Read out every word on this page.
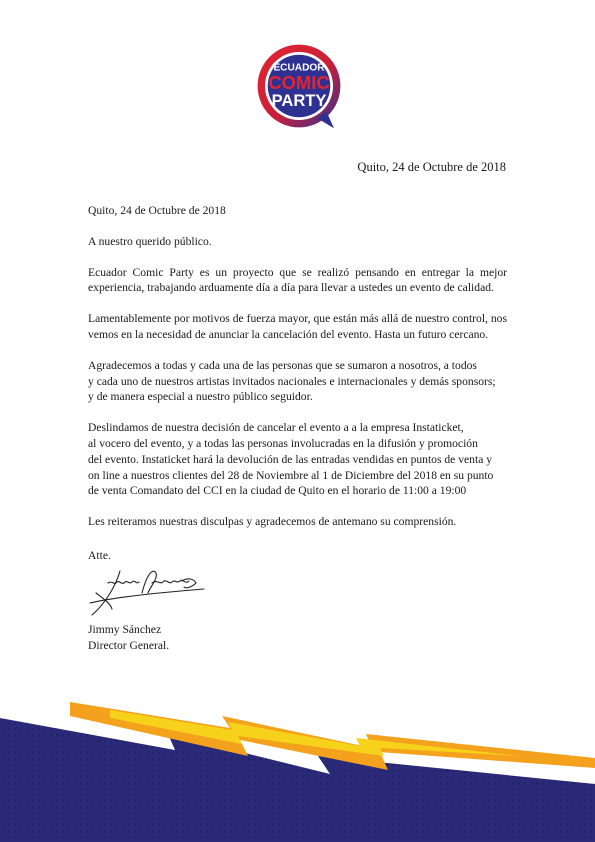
ECUADOR
COMIC
PARTY
Quito, 24 de Octubre de 2018

Quito, 24 de Octubre de 2018

A nuestro querido público.

Ecuador Comic Party es un proyecto que se realizó pensando en entregar la mejor experiencia, trabajando arduamente día a día para llevar a ustedes un evento de calidad.

Lamentablemente por motivos de fuerza mayor, que están más allá de nuestro control, nos vemos en la necesidad de anunciar la cancelación del evento. Hasta un futuro cercano.

Agradecemos a todas y cada una de las personas que se sumaron a nosotros, a todos
y cada uno de nuestros artistas invitados nacionales e internacionales y demás sponsors;
y de manera especial a nuestro público seguidor.

Deslindamos de nuestra decisión de cancelar el evento a a la empresa Instaticket,
al vocero del evento, y a todas las personas involucradas en la difusión y promoción
del evento. Instaticket hará la devolución de las entradas vendidas en puntos de venta y
on line a nuestros clientes del 28 de Noviembre al 1 de Diciembre del 2018 en su punto
de venta Comandato del CCI en la ciudad de Quito en el horario de 11:00 a 19:00

Les reiteramos nuestras disculpas y agradecemos de antemano su comprensión.

Atte.
Jimmy Sánchez
Director General.
